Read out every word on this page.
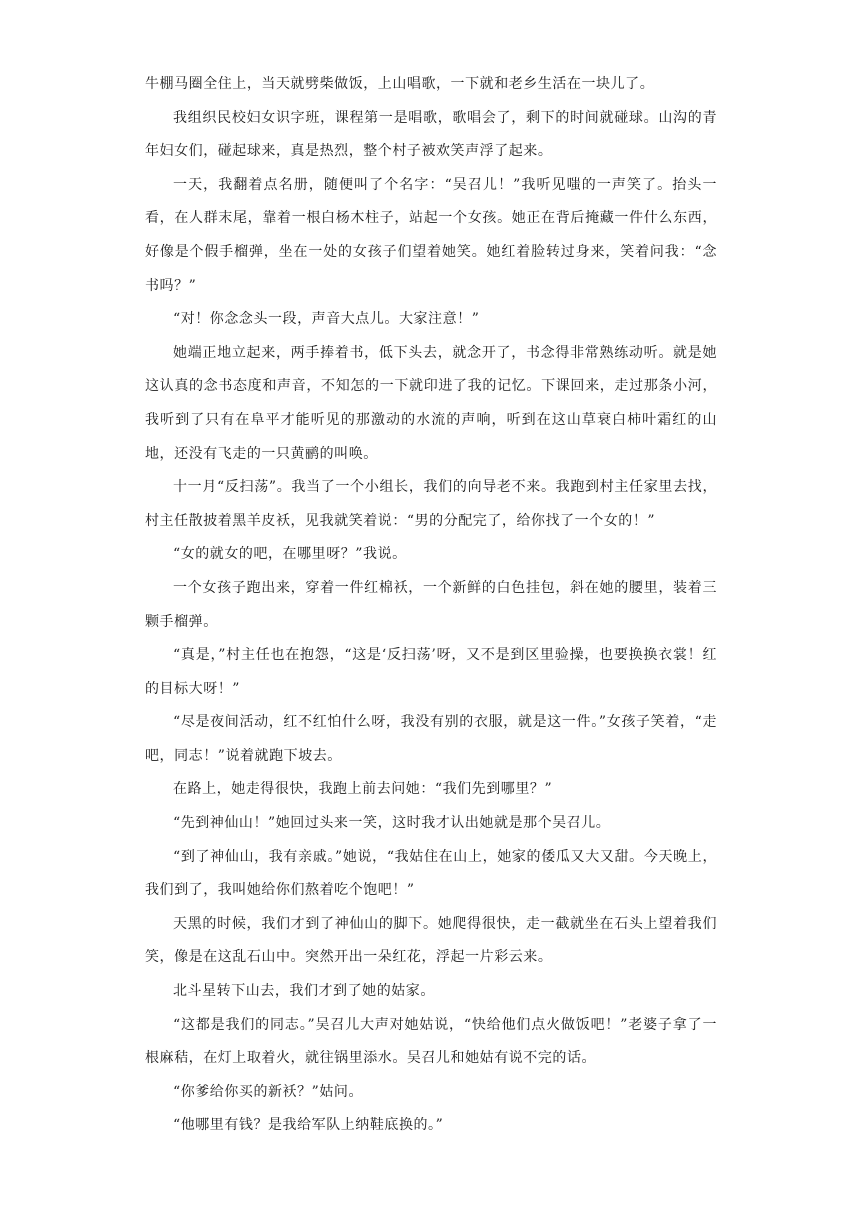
牛棚马圈全住上，当天就劈柴做饭，上山唱歌，一下就和老乡生活在一块儿了。

我组织民校妇女识字班，课程第一是唱歌，歌唱会了，剩下的时间就碰球。山沟的青年妇女们，碰起球来，真是热烈，整个村子被欢笑声浮了起来。

一天，我翻着点名册，随便叫了个名字：“吴召儿！”我听见嗤的一声笑了。抬头一看，在人群末尾，靠着一根白杨木柱子，站起一个女孩。她正在背后掩藏一件什么东西，好像是个假手榴弹，坐在一处的女孩子们望着她笑。她红着脸转过身来，笑着问我：“念书吗？”

“对！你念念头一段，声音大点儿。大家注意！”

她端正地立起来，两手捧着书，低下头去，就念开了，书念得非常熟练动听。就是她这认真的念书态度和声音，不知怎的一下就印进了我的记忆。下课回来，走过那条小河，我听到了只有在阜平才能听见的那激动的水流的声响，听到在这山草衰白柿叶霜红的山地，还没有飞走的一只黄鹂的叫唤。

十一月“反扫荡”。我当了一个小组长，我们的向导老不来。我跑到村主任家里去找，村主任散披着黑羊皮袄，见我就笑着说：“男的分配完了，给你找了一个女的！”

“女的就女的吧，在哪里呀？”我说。

一个女孩子跑出来，穿着一件红棉袄，一个新鲜的白色挂包，斜在她的腰里，装着三颗手榴弹。

“真是，”村主任也在抱怨，“这是‘反扫荡’呀，又不是到区里验操，也要换换衣裳！红的目标大呀！”

“尽是夜间活动，红不红怕什么呀，我没有别的衣服，就是这一件。”女孩子笑着，“走吧，同志！”说着就跑下坡去。

在路上，她走得很快，我跑上前去问她：“我们先到哪里？”

“先到神仙山！”她回过头来一笑，这时我才认出她就是那个吴召儿。

“到了神仙山，我有亲戚。”她说，“我姑住在山上，她家的倭瓜又大又甜。今天晚上，我们到了，我叫她给你们熬着吃个饱吧！”

天黑的时候，我们才到了神仙山的脚下。她爬得很快，走一截就坐在石头上望着我们笑，像是在这乱石山中。突然开出一朵红花，浮起一片彩云来。

北斗星转下山去，我们才到了她的姑家。

“这都是我们的同志。”吴召儿大声对她姑说，“快给他们点火做饭吧！”老婆子拿了一根麻秸，在灯上取着火，就往锅里添水。吴召儿和她姑有说不完的话。

“你爹给你买的新袄？”姑问。

“他哪里有钱？是我给军队上纳鞋底换的。”
